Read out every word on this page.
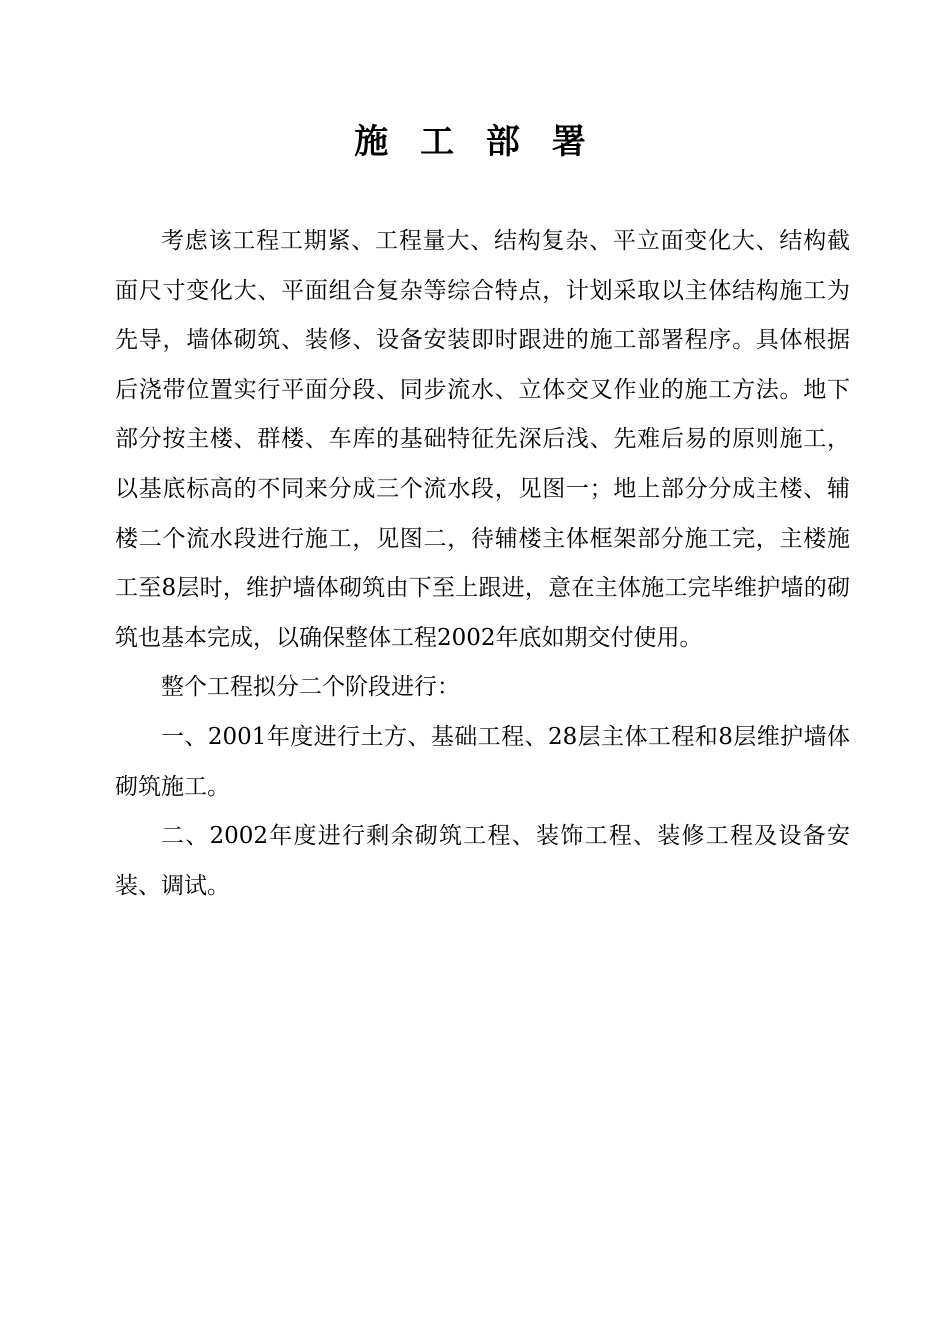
施 工 部 署

考虑该工程工期紧、工程量大、结构复杂、平立面变化大、结构截面尺寸变化大、平面组合复杂等综合特点，计划采取以主体结构施工为先导，墙体砌筑、装修、设备安装即时跟进的施工部署程序。具体根据后浇带位置实行平面分段、同步流水、立体交叉作业的施工方法。地下部分按主楼、群楼、车库的基础特征先深后浅、先难后易的原则施工，以基底标高的不同来分成三个流水段，见图一；地上部分分成主楼、辅楼二个流水段进行施工，见图二，待辅楼主体框架部分施工完，主楼施工至8层时，维护墙体砌筑由下至上跟进，意在主体施工完毕维护墙的砌筑也基本完成，以确保整体工程2002年底如期交付使用。

整个工程拟分二个阶段进行：

一、2001年度进行土方、基础工程、28层主体工程和8层维护墙体砌筑施工。

二、2002年度进行剩余砌筑工程、装饰工程、装修工程及设备安装、调试。
